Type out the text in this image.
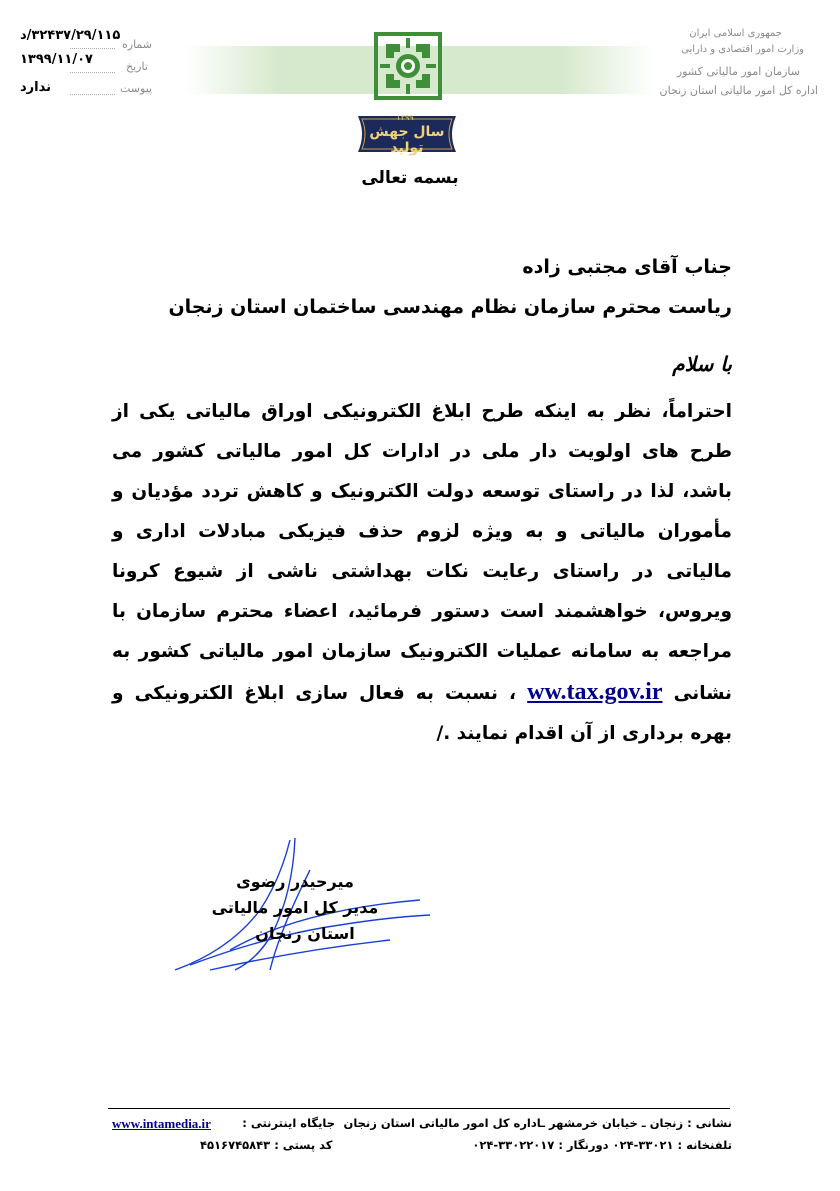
۳۲۴۳۷/۲۹/۱۱۵/د
۱۳۹۹/۱۱/۰۷
ندارد
شماره
تاریخ
پیوست
جمهوری اسلامی ایران
وزارت امور اقتصادی و دارایی
سازمان امور مالیاتی کشور
اداره کل امور مالیاتی استان زنجان
سال جهش تولید
۱۳۹۹
بسمه تعالی
جناب آقای مجتبی زاده
ریاست محترم سازمان نظام مهندسی ساختمان استان زنجان
با سلام
احتراماً، نظر به اینکه طرح ابلاغ الکترونیکی اوراق مالیاتی یکی از طرح های اولویت دار ملی در ادارات کل امور مالیاتی کشور می باشد، لذا در راستای توسعه دولت الکترونیک و کاهش تردد مؤدیان و مأموران مالیاتی و به ویژه لزوم حذف فیزیکی مبادلات اداری و مالیاتی در راستای رعایت نکات بهداشتی ناشی از شیوع کرونا ویروس، خواهشمند است دستور فرمائید، اعضاء محترم سازمان با مراجعه به سامانه عملیات الکترونیک سازمان امور مالیاتی کشور به نشانی ww.tax.gov.ir ، نسبت به فعال سازی ابلاغ الکترونیکی و بهره برداری از آن اقدام نمایند ./
میرحیدر رضوی
مدیر کل امور مالیاتی
استان زنجان
نشانی : زنجان ـ خیابان خرمشهر ـاداره کل امور مالیاتی استان زنجان
جایگاه اینترنتی :
www.intamedia.ir
تلفنخانه : ۳۳۰۲۱-۰۲۴ دورنگار : ۳۳۰۲۲۰۱۷-۰۲۴
کد پستی : ۴۵۱۶۷۴۵۸۴۳
